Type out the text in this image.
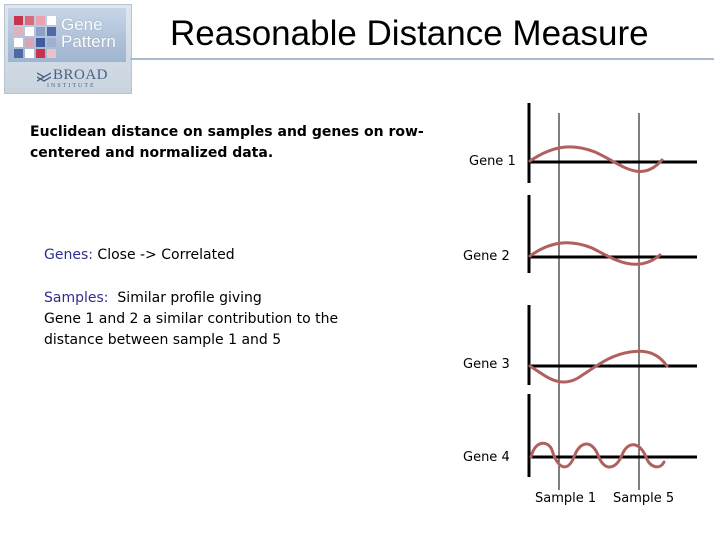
Gene
Pattern
BROAD
INSTITUTE
Reasonable Distance Measure
Euclidean distance on samples and genes on row-
centered and normalized data.
Genes: Close -> Correlated
Samples:  Similar profile giving
Gene 1 and 2 a similar contribution to the
distance between sample 1 and 5
Gene 1
Gene 2
Gene 3
Gene 4
Sample 1 Sample 5
